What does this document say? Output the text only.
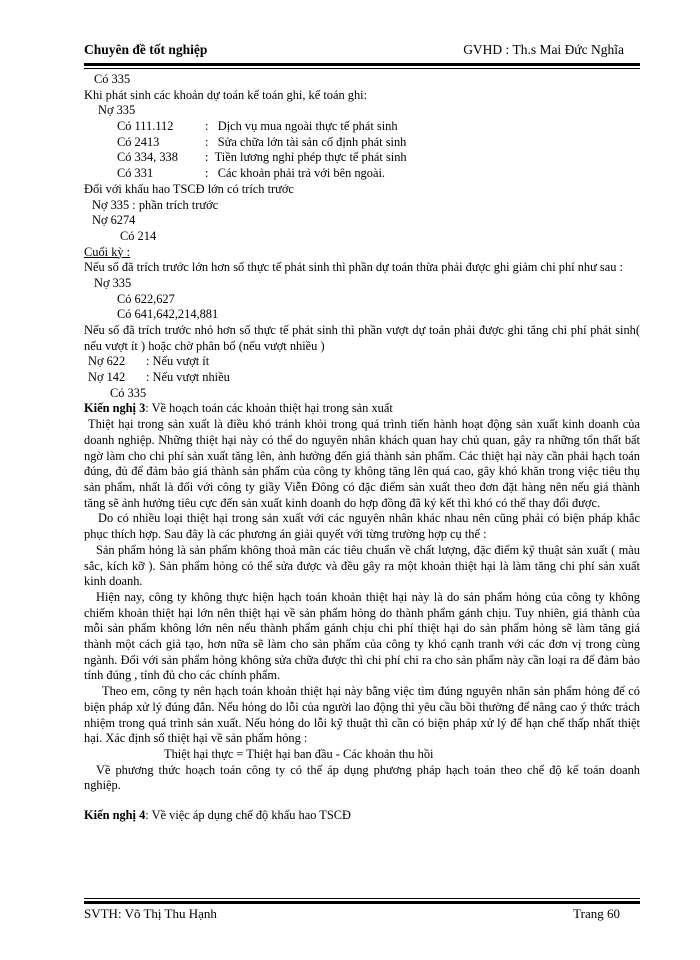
Chuyên đề tốt nghiệp	GVHD : Th.s Mai Đức Nghĩa
Có 335
Khi phát sinh các khoản dự toán kế toán ghi, kế toán ghi:
Nợ 335
Có 111.112	: Dịch vụ mua ngoài thực tế phát sinh
Có 2413	: Sửa chữa lớn tài sản cố định phát sinh
Có 334, 338 : Tiền lương nghỉ phép thực tế phát sinh
Có 331	: Các khoản phải trả với bên ngoài.
Đối với khấu hao TSCĐ lớn có trích trước
Nợ 335 : phần trích trước
Nợ 6274
Có 214
Cuối kỳ :

Nếu số đã trích trước lớn hơn số thực tế phát sinh thì phần dự toán thừa phải được ghi giảm chi phí như sau :

Nợ 335
Có 622,627
Có 641,642,214,881

Nếu số đã trích trước nhỏ hơn số thực tế phát sinh thì phần vượt dự toán phải được ghi tăng chi phí phát sinh( nếu vượt ít ) hoặc chờ phân bổ (nếu vượt nhiều )

Nợ 622 : Nếu vượt ít
Nợ 142 : Nếu vượt nhiều
Có 335
Kiến nghị 3: Về hoạch toán các khoản thiệt hại trong sản xuất

Thiệt hại trong sản xuất là điều khó tránh khỏi trong quá trình tiến hành hoạt động sản xuất kinh doanh của doanh nghiệp. Những thiệt hại này có thể do nguyên nhân khách quan hay chủ quan, gây ra những tổn thất bất ngờ làm cho chi phí sản xuất tăng lên, ảnh hưởng đến giá thành sản phẩm. Các thiệt hại này cần phải hạch toán đúng, đủ để đảm bảo giá thành sản phẩm của công ty không tăng lên quá cao, gây khó khăn trong việc tiêu thụ sản phẩm, nhất là đối với công ty giầy Viễn Đông có đặc điểm sản xuất theo đơn đặt hàng nên nếu giá thành tăng sẽ ảnh hưởng tiêu cực đến sản xuất kinh doanh do hợp đồng đã ký kết thì khó có thể thay đổi được.

Do có nhiều loại thiệt hại trong sản xuất với các nguyên nhân khác nhau nên cũng phải có biện pháp khắc phục thích hợp. Sau đây là các phương án giải quyết với từng trường hợp cụ thể :

Sản phẩm hỏng là sản phẩm không thoả mãn các tiêu chuẩn về chất lượng, đặc điểm kỹ thuật sản xuất ( màu sắc, kích kỡ ). Sản phẩm hỏng có thể sửa được và đều gây ra một khoản thiệt hại là làm tăng chi phí sản xuất kinh doanh.

Hiện nay, công ty không thực hiện hạch toán khoản thiệt hại này là do sản phẩm hỏng của công ty không chiếm khoản thiệt hại lớn nên thiệt hại về sản phẩm hỏng do thành phẩm gánh chịu. Tuy nhiên, giá thành của mỗi sản phẩm không lớn nên nếu thành phẩm gánh chịu chi phí thiệt hại do sản phẩm hỏng sẽ làm tăng giá thành một cách giả tạo, hơn nữa sẽ làm cho sản phẩm của công ty khó cạnh tranh với các đơn vị trong cùng ngành. Đối với sản phẩm hỏng không sửa chữa được thì chi phí chi ra cho sản phẩm này cần loại ra để đảm bảo tính đúng , tính đủ cho các chính phẩm.

Theo em, công ty nên hạch toán khoản thiệt hại này bằng việc tìm đúng nguyên nhân sản phẩm hỏng để có biện pháp xử lý đúng đắn. Nếu hỏng do lỗi của người lao động thì yêu cầu bồi thường để nâng cao ý thức trách nhiệm trong quá trình sản xuất. Nếu hỏng do lỗi kỹ thuật thì cần có biện pháp xử lý để hạn chế thấp nhất thiệt hại. Xác định số thiệt hại về sản phẩm hỏng :

Thiệt hại thực = Thiệt hại ban đầu - Các khoản thu hồi

Về phương thức hoạch toán công ty có thể áp dụng phương pháp hạch toán theo chế độ kế toán doanh nghiệp.

Kiến nghị 4: Về việc áp dụng chế độ khấu hao TSCĐ
SVTH: Võ Thị Thu Hạnh	Trang 60
